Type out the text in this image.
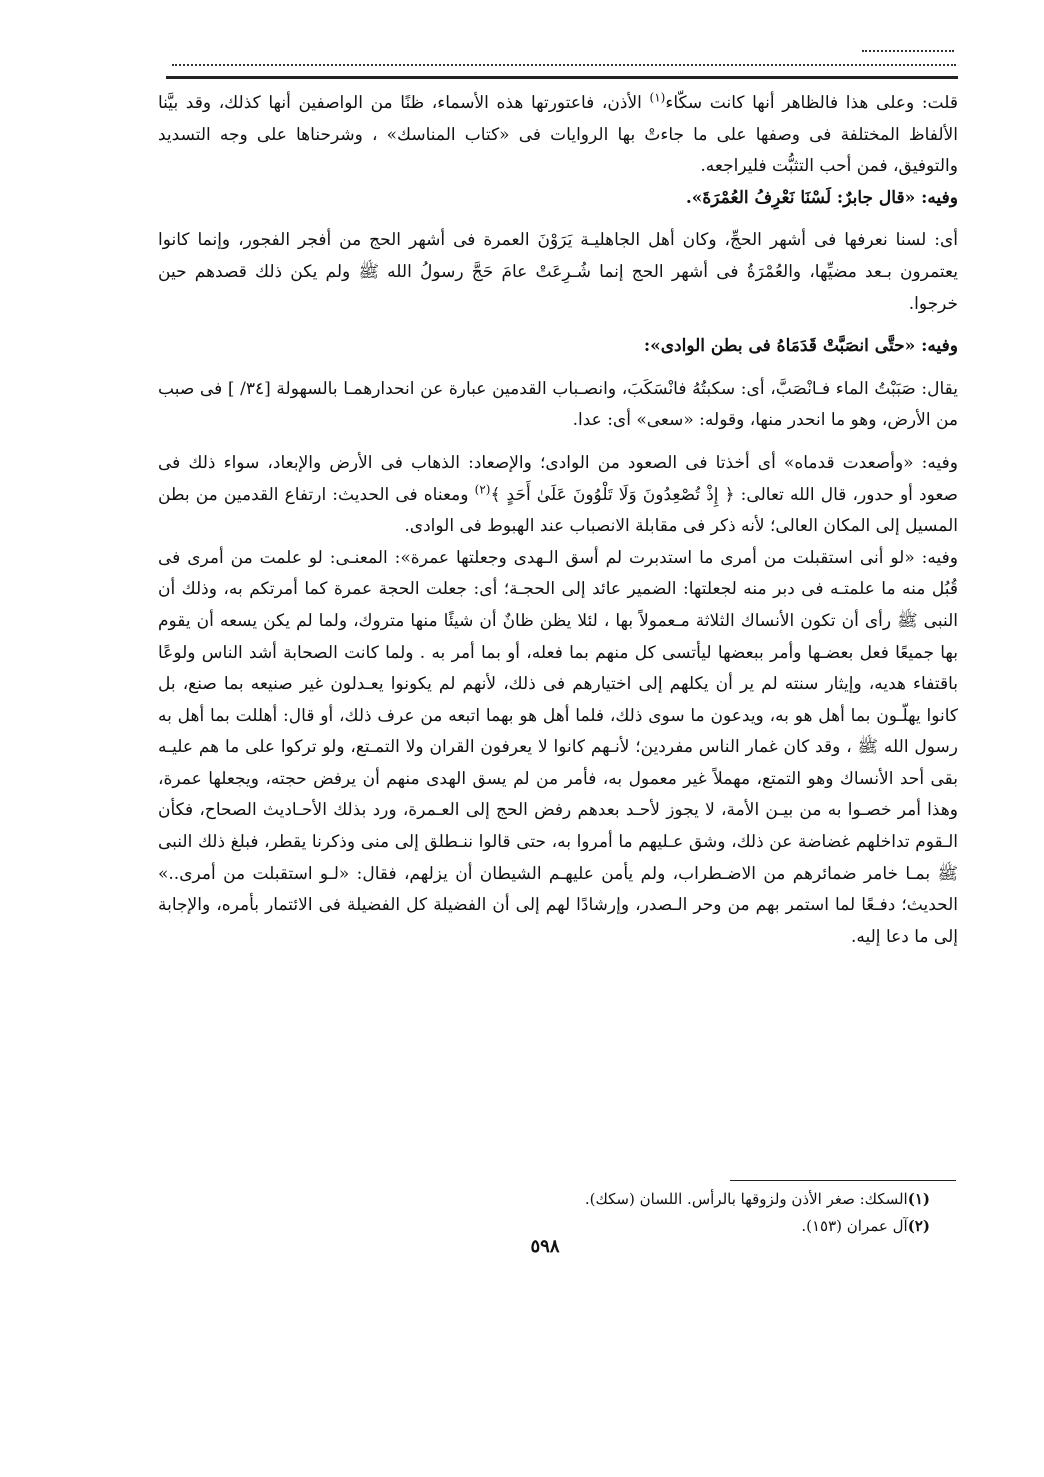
قلت: وعلى هذا فالظاهر أنها كانت سكّاء$^{(١)}$ الأذن، فاعتورتها هذه الأسماء، ظنًا من الواصفين أنها كذلك، وقد بيَّنا الألفاظ المختلفة فى وصفها على ما جاءتْ بها الروايات فى «كتاب المناسك» ، وشرحناها على وجه التسديد والتوفيق، فمن أحب التثبُّت فليراجعه.

وفيه: «قال جابرٌ: لَسْنَا نَعْرِفُ العُمْرَةَ».

أى: لسنا نعرفها فى أشهر الحجِّ، وكان أهل الجاهليـة يَرَوْنَ العمرة فى أشهر الحج من أفجر الفجور، وإنما كانوا يعتمرون بـعد مضيِّها، والعُمْرَةُ فى أشهر الحج إنما شُـرِعَتْ عامَ حَجَّ رسولُ الله ﷺ ولم يكن ذلك قصدهم حين خرجوا.

وفيه: «حتَّى انصَبَّتْ قَدَمَاهُ فى بطن الوادى»:

يقال: صَبَبْتُ الماء فـانْصَبَّ، أى: سكبتُهُ فانْسَكَبَ، وانصـباب القدمين عبارة عن انحدارهمـا بالسهولة [٣٤/ ] فى صبب من الأرض، وهو ما انحدر منها، وقوله: «سعى» أى: عدا.

وفيه: «وأصعدت قدماه» أى أخذتا فى الصعود من الوادى؛ والإصعاد: الذهاب فى الأرض والإبعاد، سواء ذلك فى صعود أو حدور، قال الله تعالى: ﴿ إِذْ تُصْعِدُونَ وَلَا تَلْوُونَ عَلَىٰ أَحَدٍ ﴾$^{(٢)}$ ومعناه فى الحديث: ارتفاع القدمين من بطن المسيل إلى المكان العالى؛ لأنه ذكر فى مقابلة الانصباب عند الهبوط فى الوادى.

وفيه: «لو أنى استقبلت من أمرى ما استدبرت لم أسق الـهدى وجعلتها عمرة»: المعنـى: لو علمت من أمرى فى قُبُل منه ما علمتـه فى دبر منه لجعلتها: الضمير عائد إلى الحجـة؛ أى: جعلت الحجة عمرة كما أمرتكم به، وذلك أن النبى ﷺ رأى أن تكون الأنساك الثلاثة مـعمولاً بها ، لئلا يظن ظانٌ أن شيئًا منها متروك، ولما لم يكن يسعه أن يقوم بها جميعًا فعل بعضـها وأمر ببعضها ليأتسى كل منهم بما فعله، أو بما أمر به . ولما كانت الصحابة أشد الناس ولوعًا باقتفاء هديه، وإيثار سنته لم ير أن يكلهم إلى اختيارهم فى ذلك، لأنهم لم يكونوا يعـدلون غير صنيعه بما صنع، بل كانوا يهلّـون بما أهل هو به، ويدعون ما سوى ذلك، فلما أهل هو بهما اتبعه من عرف ذلك، أو قال: أهللت بما أهل به رسول الله ﷺ ، وقد كان غمار الناس مفردين؛ لأنـهم كانوا لا يعرفون القران ولا التمـتع، ولو تركوا على ما هم عليـه بقى أحد الأنساك وهو التمتع، مهملاً غير معمول به، فأمر من لم يسق الهدى منهم أن يرفض حجته، ويجعلها عمرة، وهذا أمر خصـوا به من بيـن الأمة، لا يجوز لأحـد بعدهم رفض الحج إلى العـمرة، ورد بذلك الأحـاديث الصحاح، فكأن الـقوم تداخلهم غضاضة عن ذلك، وشق عـليهم ما أمروا به، حتى قالوا ننـطلق إلى منى وذكرنا يقطر، فبلغ ذلك النبى ﷺ بمـا خامر ضمائرهم من الاضـطراب، ولم يأمن عليهـم الشيطان أن يزلهم، فقال: «لـو استقبلت من أمرى..» الحديث؛ دفـعًا لما استمر بهم من وحر الـصدر، وإرشادًا لهم إلى أن الفضيلة كل الفضيلة فى الائتمار بأمره، والإجابة إلى ما دعا إليه.

(١)السكك: صغر الأذن ولزوقها بالرأس. اللسان (سكك).

(٢)آل عمران (١٥٣).

٥٩٨
